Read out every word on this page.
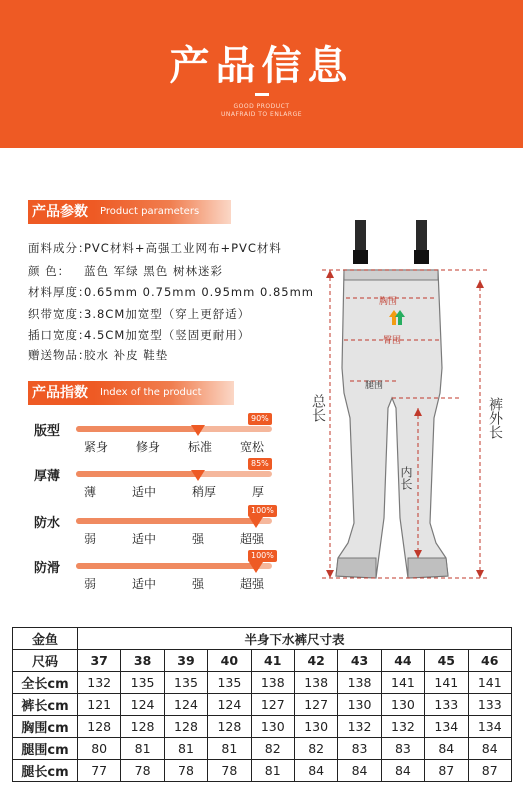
产品信息
GOOD PRODUCT
UNAFRAID TO ENLARGE
产品参数	Product parameters
面料成分：PVC材料+高强工业网布+PVC材料
颜 色： 蓝色 军绿 黑色 树林迷彩
材料厚度：0.65mm 0.75mm 0.95mm 0.85mm
织带宽度：3.8CM加宽型（穿上更舒适）
插口宽度：4.5CM加宽型（竖固更耐用）
赠送物品：胶水 补皮 鞋垫
产品指数	Index of the product
版型
90%
紧身 修身 标准 宽松
厚薄
85%
薄	适中	稍厚	厚
防水
100%
弱	适中	强	超强
防滑
100%
弱	适中	强	超强
胸围
臀围
腿围
总长	裤外长
内长
金鱼	半身下水裤尺寸表									
尺码	37	38	39	40	41	42	43	44	45	46
全长cm	132	135	135	135	138	138	138	141	141	141
裤长cm	121	124	124	124	127	127	130	130	133	133
胸围cm	128	128	128	128	130	130	132	132	134	134
腿围cm	80	81	81	81	82	82	83	83	84	84
腿长cm	77	78	78	78	81	84	84	84	87	87
